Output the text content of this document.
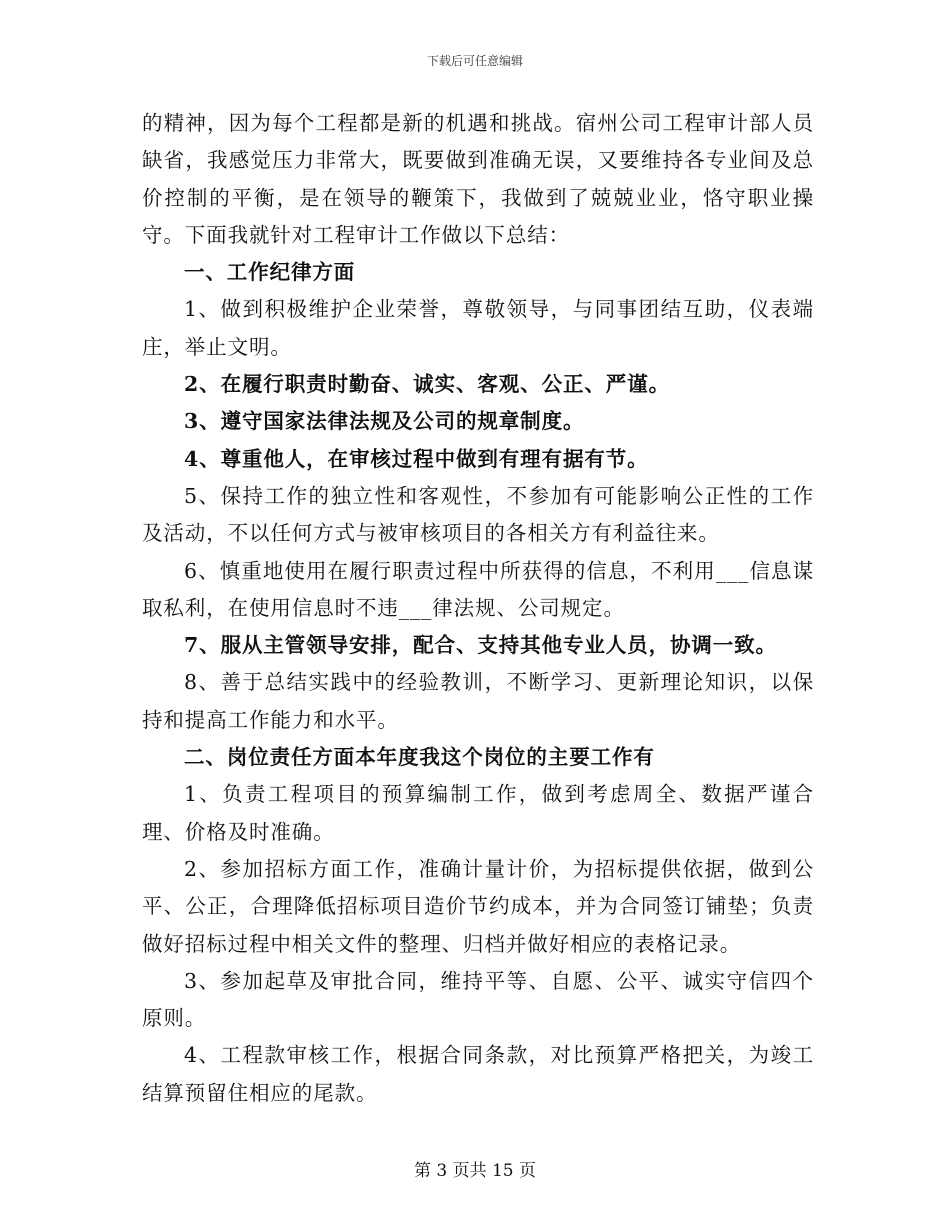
下载后可任意编辑

的精神，因为每个工程都是新的机遇和挑战。宿州公司工程审计部人员缺省，我感觉压力非常大，既要做到准确无误，又要维持各专业间及总价控制的平衡，是在领导的鞭策下，我做到了兢兢业业，恪守职业操守。下面我就针对工程审计工作做以下总结：

一、工作纪律方面

1、做到积极维护企业荣誉，尊敬领导，与同事团结互助，仪表端庄，举止文明。

2、在履行职责时勤奋、诚实、客观、公正、严谨。

3、遵守国家法律法规及公司的规章制度。

4、尊重他人，在审核过程中做到有理有据有节。

5、保持工作的独立性和客观性，不参加有可能影响公正性的工作及活动，不以任何方式与被审核项目的各相关方有利益往来。

6、慎重地使用在履行职责过程中所获得的信息，不利用___信息谋取私利，在使用信息时不违___律法规、公司规定。

7、服从主管领导安排，配合、支持其他专业人员，协调一致。

8、善于总结实践中的经验教训，不断学习、更新理论知识，以保持和提高工作能力和水平。

二、岗位责任方面本年度我这个岗位的主要工作有

1、负责工程项目的预算编制工作，做到考虑周全、数据严谨合理、价格及时准确。

2、参加招标方面工作，准确计量计价，为招标提供依据，做到公平、公正，合理降低招标项目造价节约成本，并为合同签订铺垫；负责做好招标过程中相关文件的整理、归档并做好相应的表格记录。

3、参加起草及审批合同，维持平等、自愿、公平、诚实守信四个原则。

4、工程款审核工作，根据合同条款，对比预算严格把关，为竣工结算预留住相应的尾款。

第 3 页共 15 页
